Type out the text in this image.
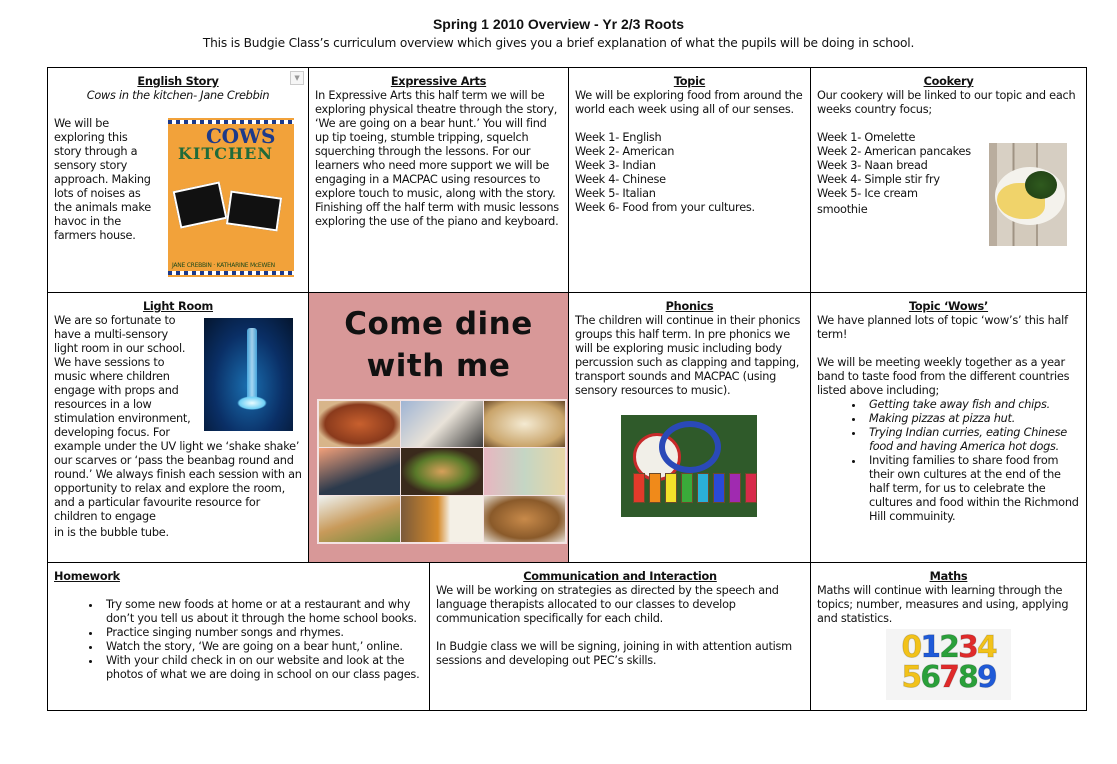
Spring 1 2010 Overview - Yr 2/3 Roots
This is Budgie Class’s curriculum overview which gives you a brief explanation of what the pupils will be doing in school.
▼
English Story
Cows in the kitchen- Jane Crebbin

We will be

exploring this

story through a

sensory story

approach. Making

lots of noises as

the animals make

havoc in the

farmers house.

COWS
KITCHEN
JANE CREBBIN · KATHARINE McEWEN
Expressive Arts

In Expressive Arts this half term we will be exploring physical theatre through the story, ‘We are going on a bear hunt.’ You will find up tip toeing, stumble tripping, squelch squerching through the lessons. For our learners who need more support we will be engaging in a MACPAC using resources to explore touch to music, along with the story. Finishing off the half term with music lessons exploring the use of the piano and keyboard.

Topic

We will be exploring food from around the world each week using all of our senses.

Week 1- English

Week 2- American

Week 3- Indian

Week 4- Chinese

Week 5- Italian

Week 6- Food from your cultures.

Cookery

Our cookery will be linked to our topic and each weeks country focus;

Week 1- Omelette

Week 2- American pancakes

Week 3- Naan bread

Week 4- Simple stir fry

Week 5- Ice cream

smoothie

Light Room

We are so fortunate to

have a multi-sensory

light room in our school.

We have sessions to

music where children

engage with props and

resources in a low

stimulation environment,

developing focus. For

example under the UV light we ‘shake shake’ our scarves or ‘pass the beanbag round and round.’ We always finish each session with an opportunity to relax and explore the room, and a particular favourite resource for children to engage

in is the bubble tube.

Come dine
with me
Phonics

The children will continue in their phonics groups this half term. In pre phonics we will be exploring music including body percussion such as clapping and tapping, transport sounds and MACPAC (using sensory resources to music).

Topic ‘Wows’

We have planned lots of topic ‘wow’s’ this half term!

We will be meeting weekly together as a year band to taste food from the different countries listed above including;

• Getting take away fish and chips.
• Making pizzas at pizza hut.
• Trying Indian curries, eating Chinese food and having America hot dogs.
• Inviting families to share food from their own cultures at the end of the half term, for us to celebrate the cultures and food within the Richmond Hill commuinity.
Homework
• Try some new foods at home or at a restaurant and why don’t you tell us about it through the home school books.
• Practice singing number songs and rhymes.
• Watch the story, ‘We are going on a bear hunt,’ online.
• With your child check in on our website and look at the photos of what we are doing in school on our class pages.
Communication and Interaction

We will be working on strategies as directed by the speech and language therapists allocated to our classes to develop communication specifically for each child.

In Budgie class we will be signing, joining in with attention autism sessions and developing out PEC’s skills.

Maths

Maths will continue with learning through the topics; number, measures and using, applying and statistics.

01234
56789
